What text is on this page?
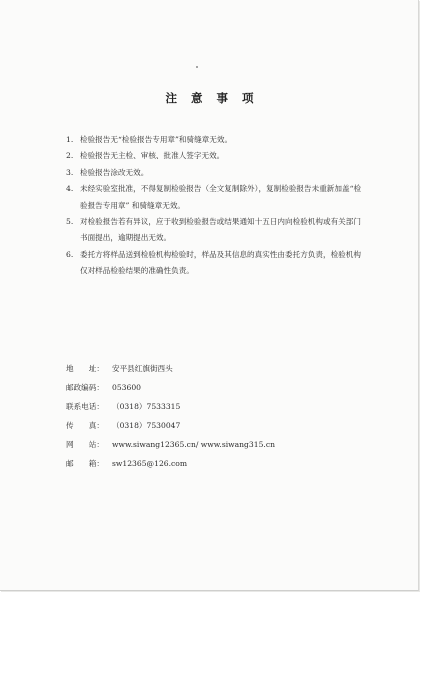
注 意 事 项
1. 检验报告无“检验报告专用章”和骑缝章无效。
2. 检验报告无主检、审核、批准人签字无效。
3. 检验报告涂改无效。
4. 未经实验室批准，不得复制检验报告（全文复制除外），复制检验报告未重新加盖“检验报告专用章” 和骑缝章无效。
5. 对检验报告若有异议，应于收到检验报告或结果通知十五日内向检验机构或有关部门书面提出，逾期提出无效。
6. 委托方将样品送到检验机构检验时，样品及其信息的真实性由委托方负责，检验机构仅对样品检验结果的准确性负责。
地　　址：	安平县红旗街西头
邮政编码：	053600
联系电话：	（0318）7533315
传　　真：	（0318）7530047
网　　站：	www.siwang12365.cn/ www.siwang315.cn
邮　　箱：	sw12365@126.com
